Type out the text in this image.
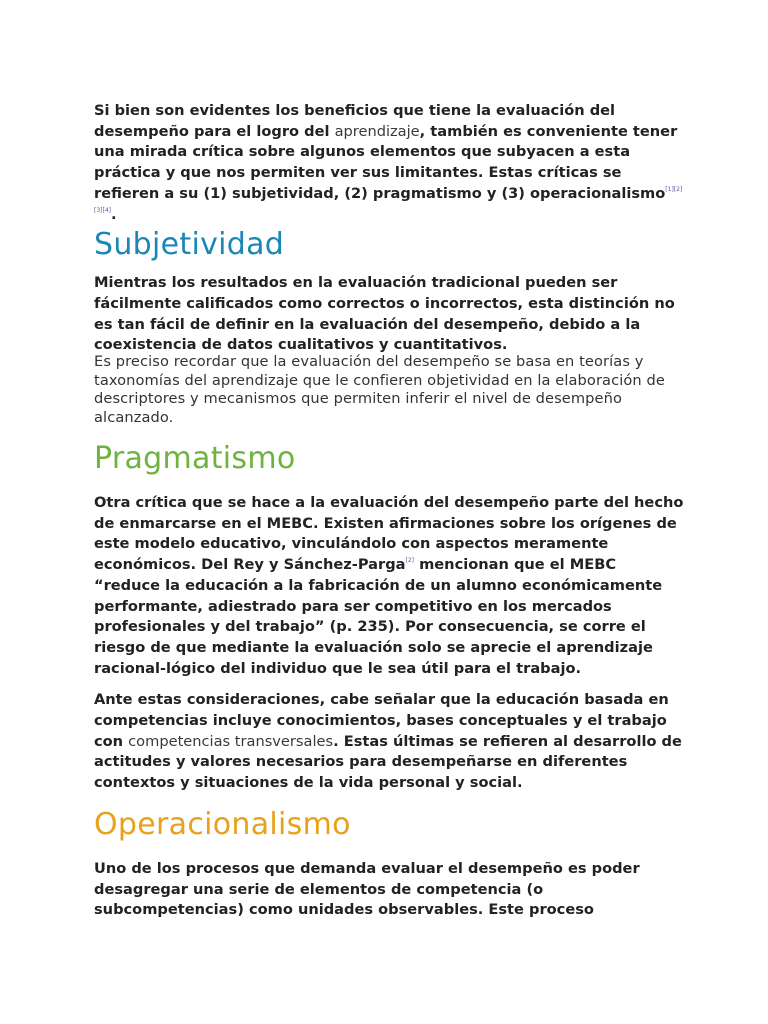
Si bien son evidentes los beneficios que tiene la evaluación del desempeño para el logro del aprendizaje, también es conveniente tener una mirada crítica sobre algunos elementos que subyacen a esta práctica y que nos permiten ver sus limitantes. Estas críticas se refieren a su (1) subjetividad, (2) pragmatismo y (3) operacionalismo[1][2][3][4].

Subjetividad

Mientras los resultados en la evaluación tradicional pueden ser fácilmente calificados como correctos o incorrectos, esta distinción no es tan fácil de definir en la evaluación del desempeño, debido a la coexistencia de datos cualitativos y cuantitativos.

Es preciso recordar que la evaluación del desempeño se basa en teorías y taxonomías del aprendizaje que le confieren objetividad en la elaboración de descriptores y mecanismos que permiten inferir el nivel de desempeño alcanzado.

Pragmatismo

Otra crítica que se hace a la evaluación del desempeño parte del hecho de enmarcarse en el MEBC. Existen afirmaciones sobre los orígenes de este modelo educativo, vinculándolo con aspectos meramente económicos. Del Rey y Sánchez-Parga[2] mencionan que el MEBC “reduce la educación a la fabricación de un alumno económicamente performante, adiestrado para ser competitivo en los mercados profesionales y del trabajo” (p. 235). Por consecuencia, se corre el riesgo de que mediante la evaluación solo se aprecie el aprendizaje racional-lógico del individuo que le sea útil para el trabajo.

Ante estas consideraciones, cabe señalar que la educación basada en competencias incluye conocimientos, bases conceptuales y el trabajo con competencias transversales. Estas últimas se refieren al desarrollo de actitudes y valores necesarios para desempeñarse en diferentes contextos y situaciones de la vida personal y social.

Operacionalismo

Uno de los procesos que demanda evaluar el desempeño es poder desagregar una serie de elementos de competencia (o subcompetencias) como unidades observables. Este proceso
